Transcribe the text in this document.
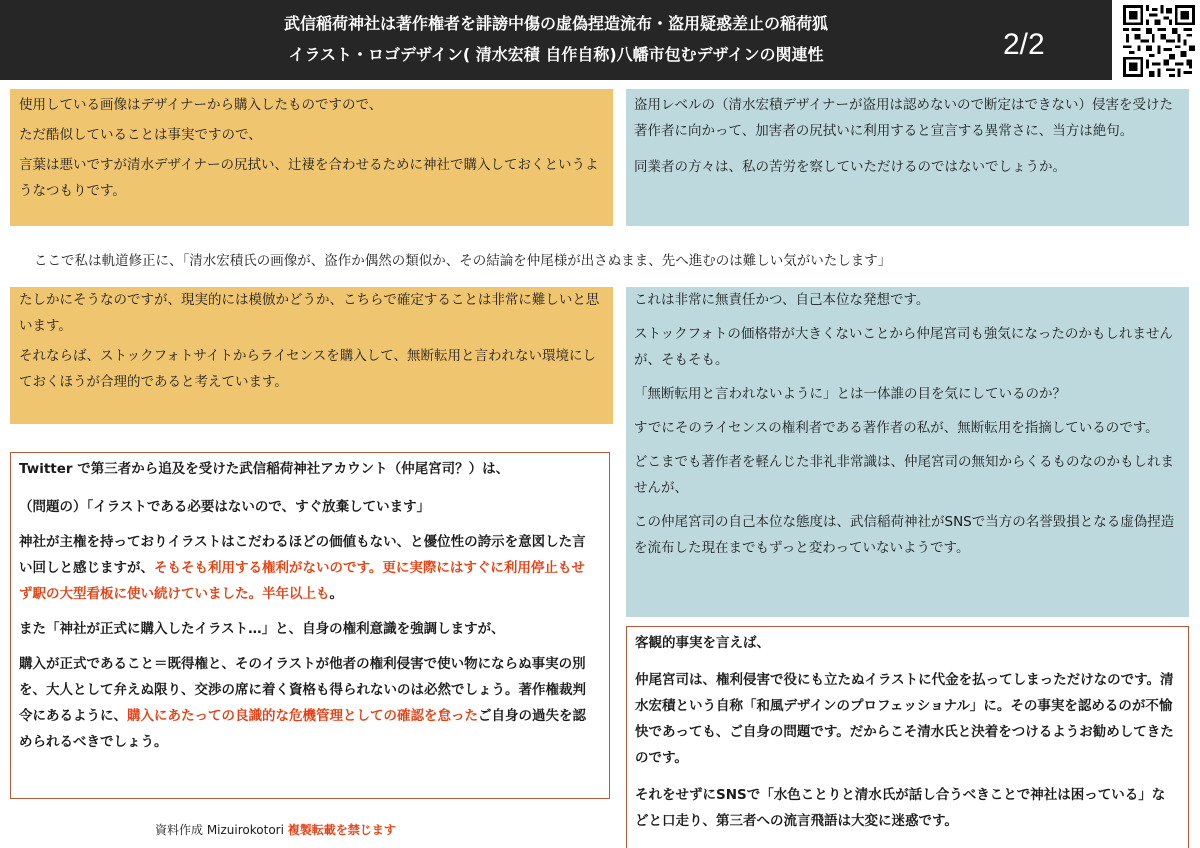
武信稲荷神社は著作権者を誹謗中傷の虚偽捏造流布・盗用疑惑差止の稲荷狐
イラスト・ロゴデザイン( 清水宏積 自作自称)八幡市包むデザインの関連性	2/2

使用している画像はデザイナーから購入したものですので、

ただ酷似していることは事実ですので、

言葉は悪いですが清水デザイナーの尻拭い、辻褄を合わせるために神社で購入しておくというようなつもりです。

盗用レベルの（清水宏積デザイナーが盗用は認めないので断定はできない）侵害を受けた著作者に向かって、加害者の尻拭いに利用すると宣言する異常さに、当方は絶句。

同業者の方々は、私の苦労を察していただけるのではないでしょうか。

ここで私は軌道修正に、「清水宏積氏の画像が、盗作か偶然の類似か、その結論を仲尾様が出さぬまま、先へ進むのは難しい気がいたします」

たしかにそうなのですが、現実的には模倣かどうか、こちらで確定することは非常に難しいと思います。

それならば、ストックフォトサイトからライセンスを購入して、無断転用と言われない環境にしておくほうが合理的であると考えています。

これは非常に無責任かつ、自己本位な発想です。

ストックフォトの価格帯が大きくないことから仲尾宮司も強気になったのかもしれませんが、そもそも。

「無断転用と言われないように」とは一体誰の目を気にしているのか？

すでにそのライセンスの権利者である著作者の私が、無断転用を指摘しているのです。

どこまでも著作者を軽んじた非礼非常識は、仲尾宮司の無知からくるものなのかもしれませんが、

この仲尾宮司の自己本位な態度は、武信稲荷神社がSNSで当方の名誉毀損となる虚偽捏造を流布した現在までもずっと変わっていないようです。

Twitter で第三者から追及を受けた武信稲荷神社アカウント（仲尾宮司？）は、

（問題の）「イラストである必要はないので、すぐ放棄しています」

神社が主権を持っておりイラストはこだわるほどの価値もない、と優位性の誇示を意図した言い回しと感じますが、そもそも利用する権利がないのです。更に実際にはすぐに利用停止もせず駅の大型看板に使い続けていました。半年以上も。

また「神社が正式に購入したイラスト…」と、自身の権利意識を強調しますが、

購入が正式であること＝既得権と、そのイラストが他者の権利侵害で使い物にならぬ事実の別を、大人として弁えぬ限り、交渉の席に着く資格も得られないのは必然でしょう。著作権裁判令にあるように、購入にあたっての良識的な危機管理としての確認を怠ったご自身の過失を認められるべきでしょう。

客観的事実を言えば、

仲尾宮司は、権利侵害で役にも立たぬイラストに代金を払ってしまっただけなのです。清水宏積という自称「和風デザインのプロフェッショナル」に。その事実を認めるのが不愉快であっても、ご自身の問題です。だからこそ清水氏と決着をつけるようお勧めしてきたのです。

それをせずにSNSで「水色ことりと清水氏が話し合うべきことで神社は困っている」などと口走り、第三者への流言飛語は大変に迷惑です。

資料作成 Mizuirokotori 複製転載を禁じます
